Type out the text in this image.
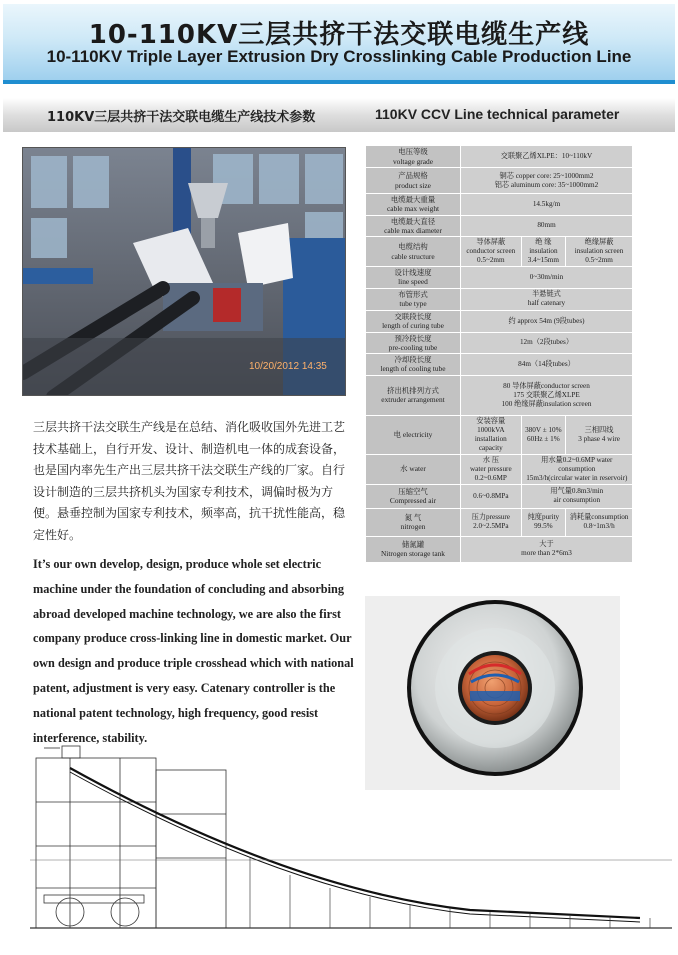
10-110KV三层共挤干法交联电缆生产线
10-110KV Triple Layer Extrusion Dry Crosslinking Cable Production Line
110KV三层共挤干法交联电缆生产线技术参数	110KV CCV Line technical parameter
10/20/2012 14:35
三层共挤干法交联生产线是在总结、消化吸收国外先进工艺技术基础上，自行开发、设计、制造机电一体的成套设备，也是国内率先生产出三层共挤干法交联生产线的厂家。自行设计制造的三层共挤机头为国家专利技术，调偏时极为方便。悬垂控制为国家专利技术，频率高，抗干扰性能高，稳定性好。
It’s our own develop, design, produce whole set electric machine under the foundation of concluding and absorbing abroad developed machine technology, we are also the first company produce cross-linking line in domestic market. Our own design and produce triple crosshead which with national patent, adjustment is very easy. Catenary controller is the national patent technology, high frequency, good resist interference, stability.
电压等级
voltage grade	交联聚乙烯XLPE：10~110kV		

产品规格
product size	铜芯 copper core: 25~1000mm2
铝芯 aluminum core: 35~1000mm2		

电缆最大重量
cable max weight	14.5kg/m		

电缆最大直径
cable max diameter	80mm		

电缆结构
cable structure	导体屏蔽
conductor screen
0.5~2mm	绝 缘
insulation
3.4~15mm	绝缘屏蔽
insulation screen
0.5~2mm

设计线速度
line speed	0~30m/min		

布管形式
tube type	半悬链式
half catenary		

交联段长度
length of curing tube	约 approx 54m (9段tubes)		

预冷段长度
pre-cooling tube	12m（2段tubes）		

冷却段长度
length of cooling tube	84m（14段tubes）		

挤出机排列方式
extruder arrangement	80 导体屏蔽conductor screen
175 交联聚乙烯XLPE
100 绝缘屏蔽insulation screen		

电 electricity	安装容量 1000kVA
installation capacity	380V ± 10%
60Hz ± 1%	三相四线
3 phase 4 wire

水 water	水 压
water pressure
0.2~0.6MP	用水量0.2~0.6MP water consumption
15m3/h(circular water in reservoir)	

压缩空气
Compressed air	0.6~0.8MPa	用气量0.8m3/min
air consumption	

氮 气
nitrogen	压力pressure
2.0~2.5MPa	纯度purity
99.5%	消耗量consumption
0.8~1m3/h

储氮罐
Nitrogen storage tank	大于
more than 2*6m3		
